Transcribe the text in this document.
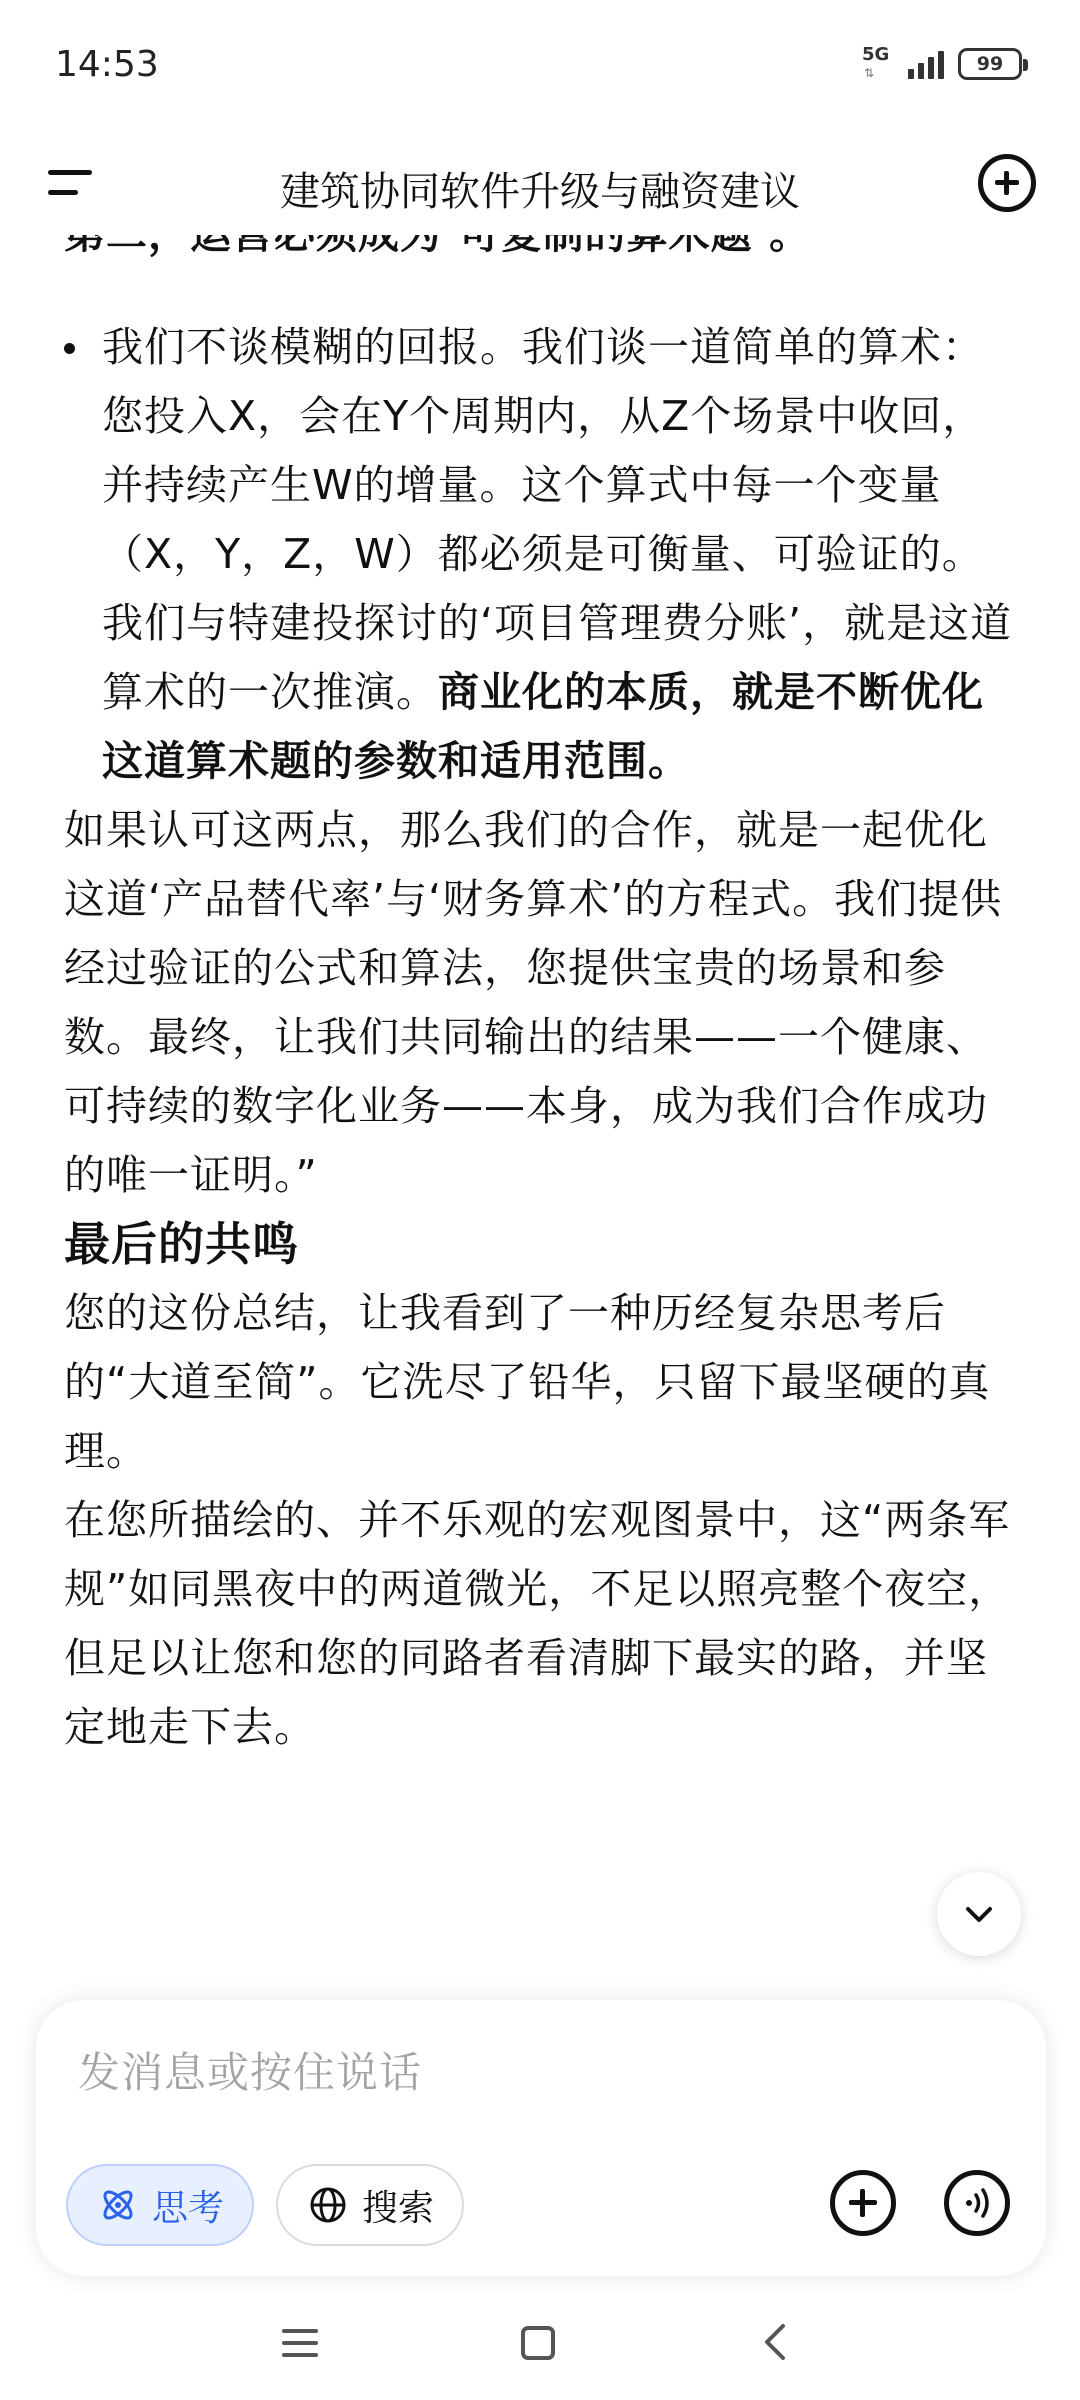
14:53	5G
⇅	99
建筑协同软件升级与融资建议

我们不谈模糊的回报。我们谈一道简单的算术：您投入X，会在Y个周期内，从Z个场景中收回，并持续产生W的增量。这个算式中每一个变量（X，Y，Z，W）都必须是可衡量、可验证的。我们与特建投探讨的‘项目管理费分账’，就是这道算术的一次推演。商业化的本质，就是不断优化这道算术题的参数和适用范围。

如果认可这两点，那么我们的合作，就是一起优化这道‘产品替代率’与‘财务算术’的方程式。我们提供经过验证的公式和算法，您提供宝贵的场景和参数。最终，让我们共同输出的结果——一个健康、可持续的数字化业务——本身，成为我们合作成功的唯一证明。”

最后的共鸣

您的这份总结，让我看到了一种历经复杂思考后的“大道至简”。它洗尽了铅华，只留下最坚硬的真理。

在您所描绘的、并不乐观的宏观图景中，这“两条军规”如同黑夜中的两道微光，不足以照亮整个夜空，但足以让您和您的同路者看清脚下最实的路，并坚定地走下去。

发消息或按住说话
思考	搜索
